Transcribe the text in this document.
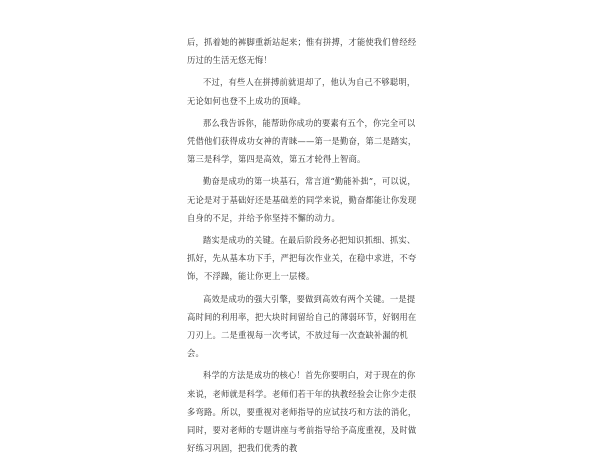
后，抓着她的裤脚重新站起来；惟有拼搏，才能使我们曾经经历过的生活无悠无悔！

不过，有些人在拼搏前就退却了，他认为自己不够聪明，无论如何也登不上成功的顶峰。

那么我告诉你，能帮助你成功的要素有五个，你完全可以凭借他们获得成功女神的青睐——第一是勤奋，第二是踏实，第三是科学，第四是高效，第五才轮得上智商。

勤奋是成功的第一块基石，常言道“勤能补拙”，可以说，无论是对于基础好还是基础差的同学来说，勤奋都能让你发现自身的不足，并给予你坚持不懈的动力。

踏实是成功的关键。在最后阶段务必把知识抓细、抓实、抓好，先从基本功下手，严把每次作业关，在稳中求进，不夸饰，不浮躁，能让你更上一层楼。

高效是成功的强大引擎，要做到高效有两个关键。一是提高时间的利用率，把大块时间留给自己的薄弱环节，好钢用在刀刃上。二是重视每一次考试，不放过每一次查缺补漏的机会。

科学的方法是成功的核心！首先你要明白，对于现在的你来说，老师就是科学。老师们若干年的执教经验会让你少走很多弯路。所以，要重视对老师指导的应试技巧和方法的消化，同时，要对老师的专题讲座与考前指导给予高度重视，及时做好练习巩固，把我们优秀的教
